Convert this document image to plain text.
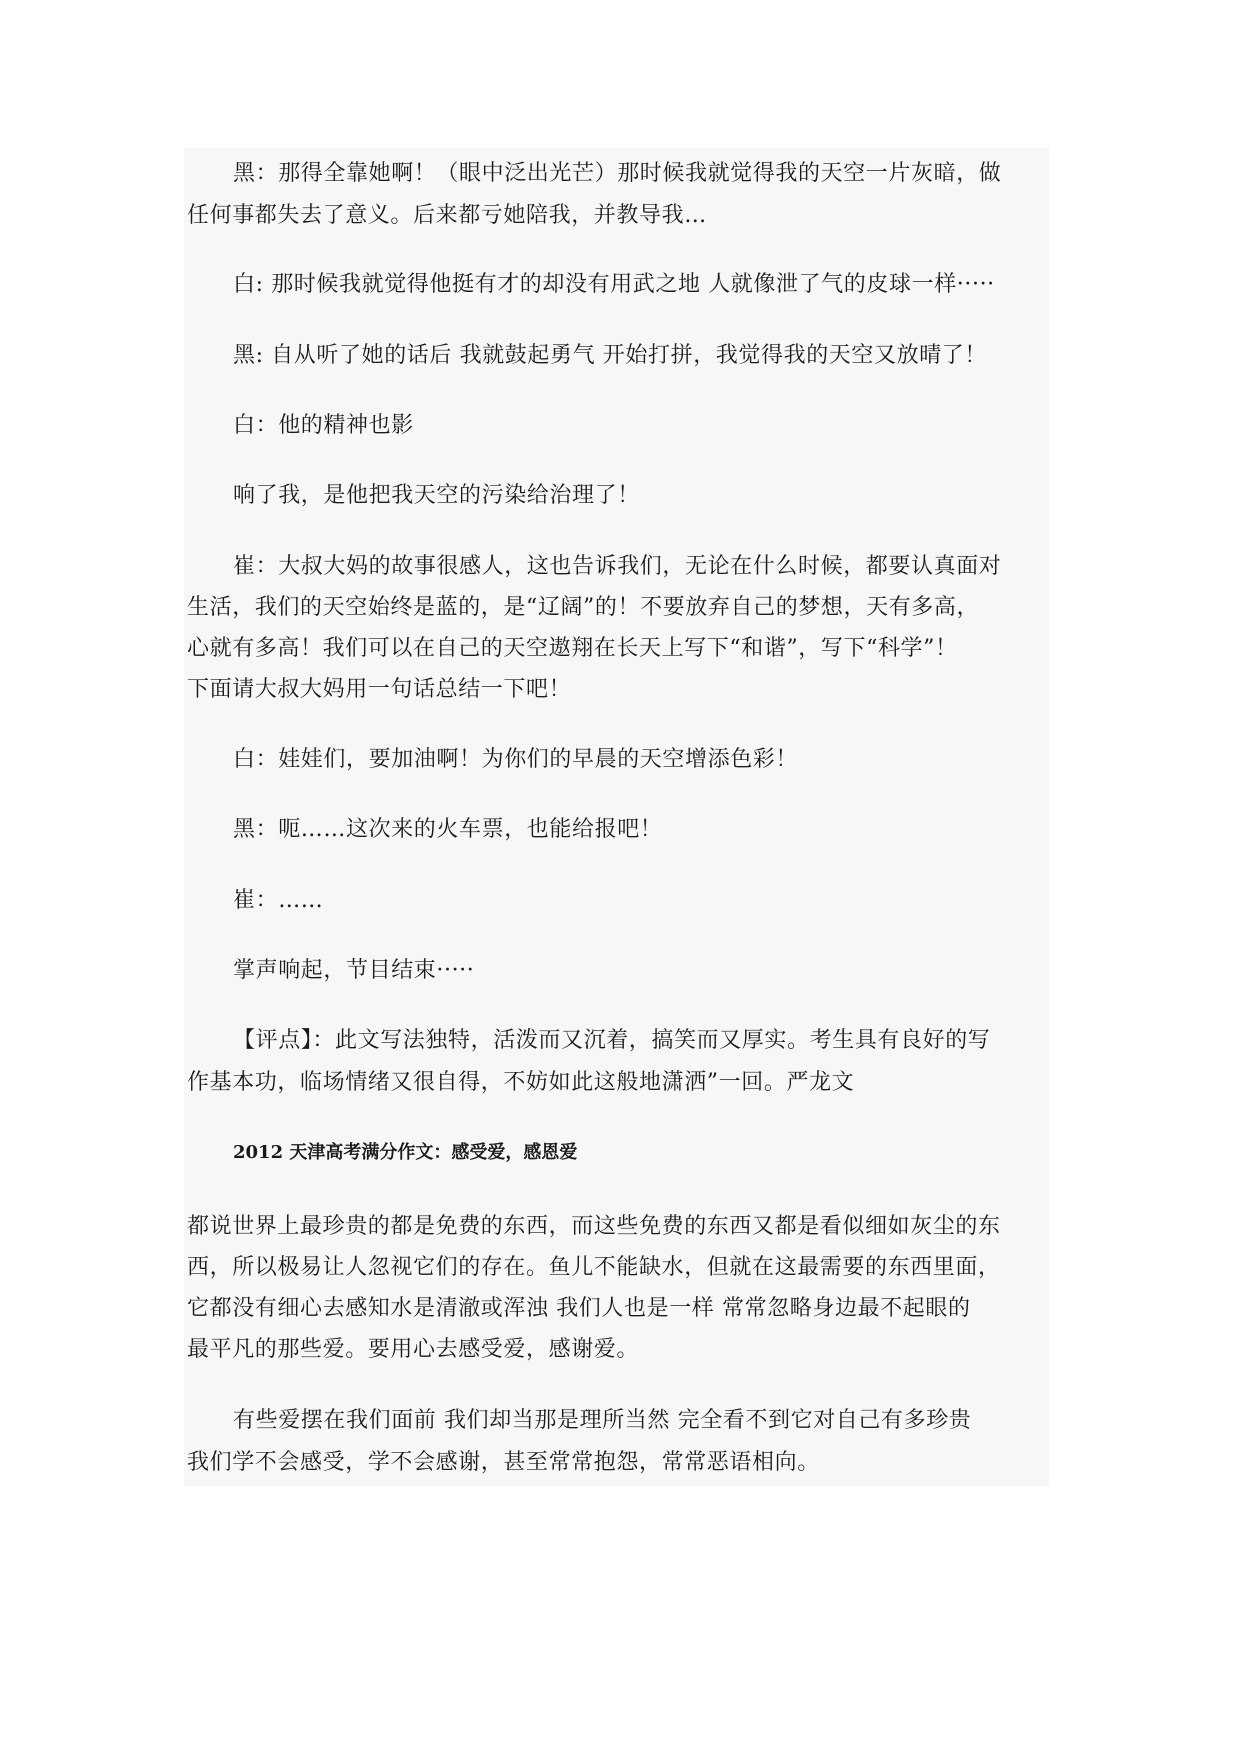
黑：那得全靠她啊！（眼中泛出光芒）那时候我就觉得我的天空一片灰暗，做
任何事都失去了意义。后来都亏她陪我，并教导我…
白: 那时候我就觉得他挺有才的却没有用武之地 人就像泄了气的皮球一样·····
黑: 自从听了她的话后 我就鼓起勇气 开始打拼，我觉得我的天空又放晴了！
白：他的精神也影
响了我，是他把我天空的污染给治理了！
崔：大叔大妈的故事很感人，这也告诉我们，无论在什么时候，都要认真面对
生活，我们的天空始终是蓝的，是“辽阔”的！不要放弃自己的梦想，天有多高，
心就有多高！我们可以在自己的天空遨翔在长天上写下“和谐”，写下“科学”！
下面请大叔大妈用一句话总结一下吧！
白：娃娃们，要加油啊！为你们的早晨的天空增添色彩！
黑：呃……这次来的火车票，也能给报吧！
崔：……
掌声响起，节目结束·····
【评点】：此文写法独特，活泼而又沉着，搞笑而又厚实。考生具有良好的写
作基本功，临场情绪又很自得，不妨如此这般地潇洒”一回。严龙文
2012 天津高考满分作文：感受爱，感恩爱
都说世界上最珍贵的都是免费的东西，而这些免费的东西又都是看似细如灰尘的东
西，所以极易让人忽视它们的存在。鱼儿不能缺水，但就在这最需要的东西里面，
它都没有细心去感知水是清澈或浑浊 我们人也是一样 常常忽略身边最不起眼的
最平凡的那些爱。要用心去感受爱，感谢爱。
有些爱摆在我们面前 我们却当那是理所当然 完全看不到它对自己有多珍贵
我们学不会感受，学不会感谢，甚至常常抱怨，常常恶语相向。
